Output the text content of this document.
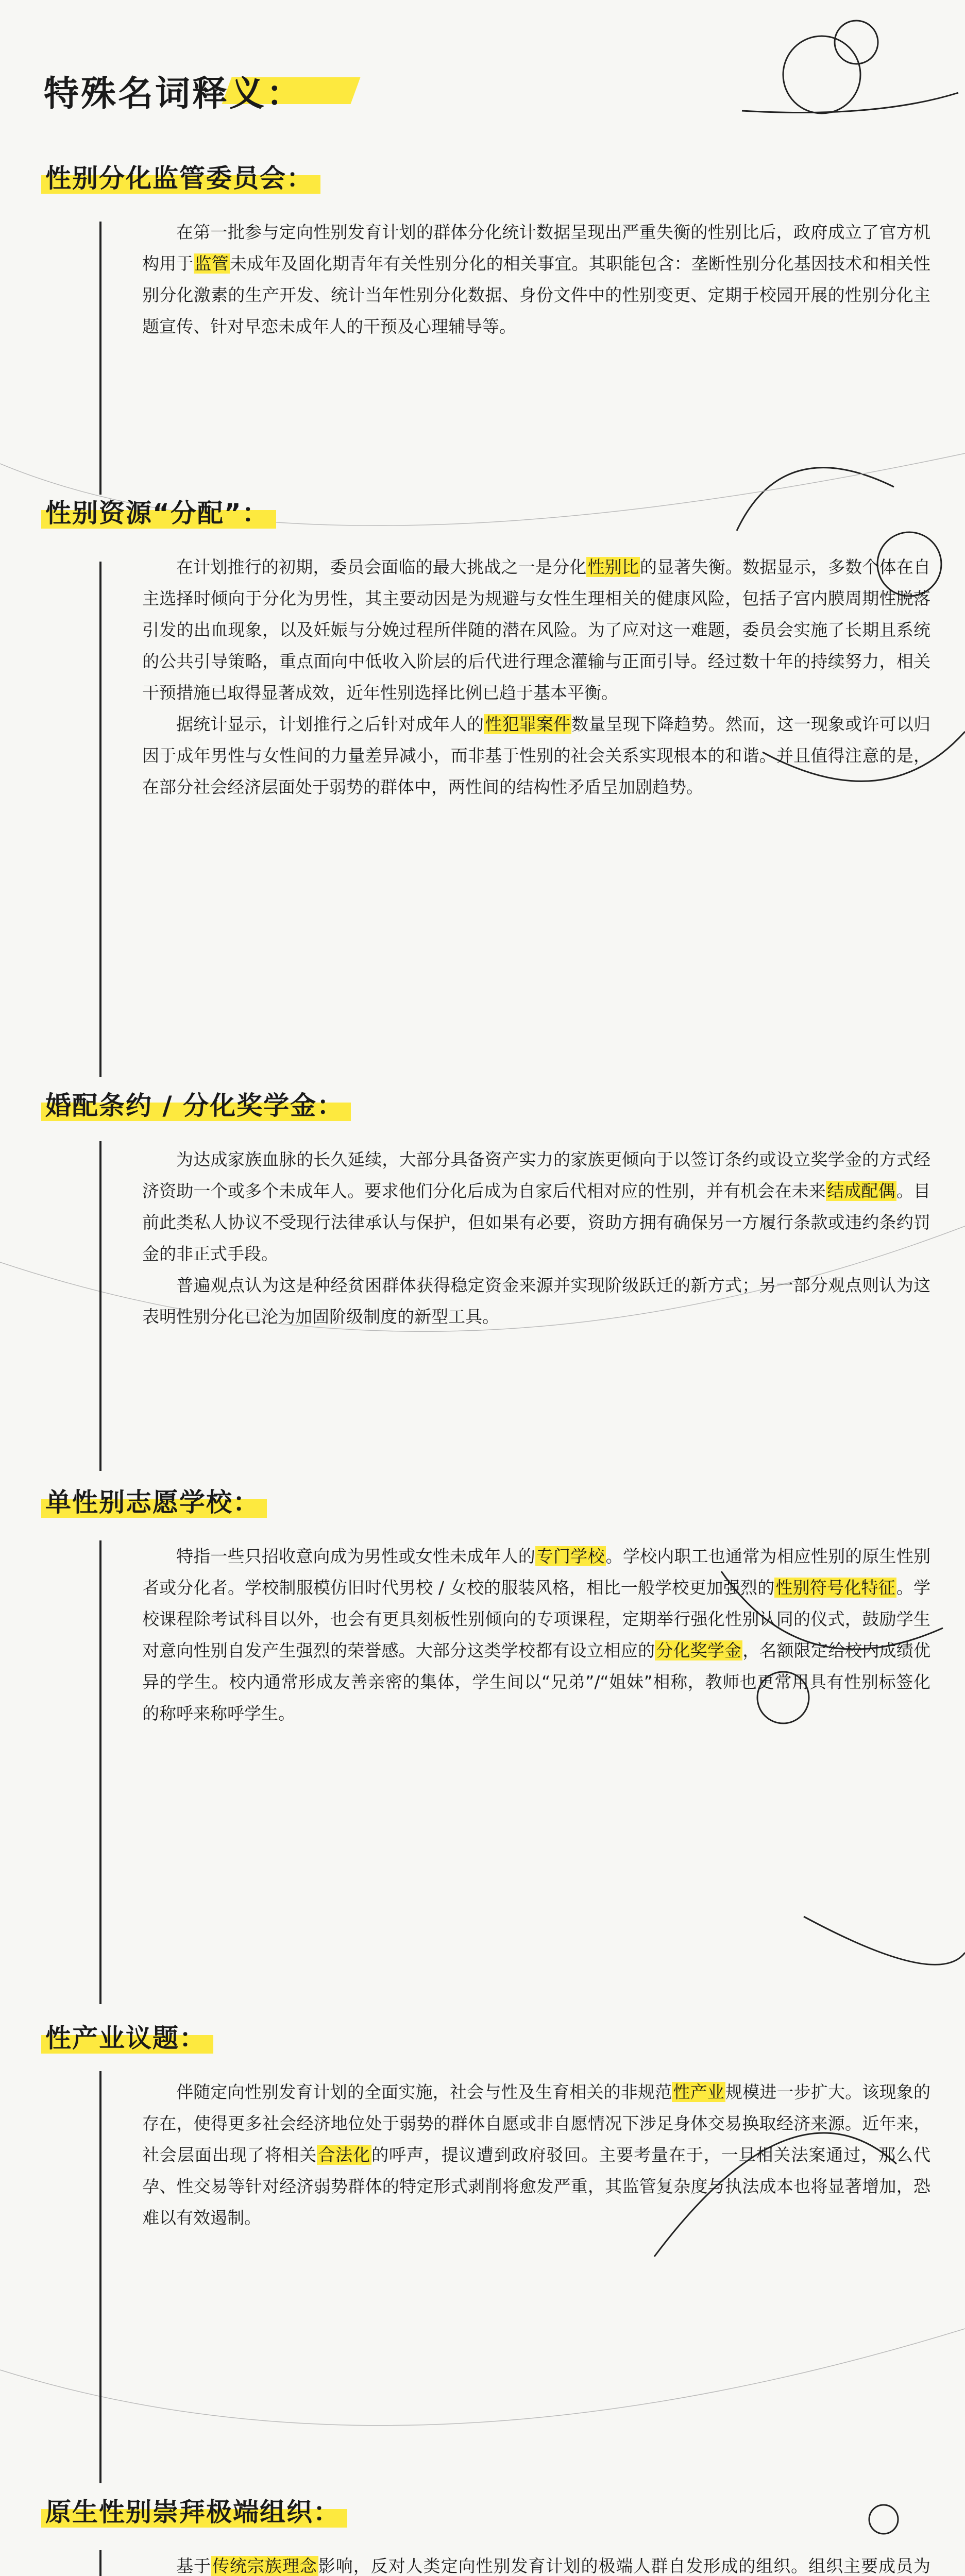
特殊名词释义：
性别分化监管委员会：

在第一批参与定向性别发育计划的群体分化统计数据呈现出严重失衡的性别比后，政府成立了官方机构用于监管未成年及固化期青年有关性别分化的相关事宜。其职能包含：垄断性别分化基因技术和相关性别分化激素的生产开发、统计当年性别分化数据、身份文件中的性别变更、定期于校园开展的性别分化主题宣传、针对早恋未成年人的干预及心理辅导等。

性别资源“分配”：

在计划推行的初期，委员会面临的最大挑战之一是分化性别比的显著失衡。数据显示，多数个体在自主选择时倾向于分化为男性，其主要动因是为规避与女性生理相关的健康风险，包括子宫内膜周期性脱落引发的出血现象，以及妊娠与分娩过程所伴随的潜在风险。为了应对这一难题，委员会实施了长期且系统的公共引导策略，重点面向中低收入阶层的后代进行理念灌输与正面引导。经过数十年的持续努力，相关干预措施已取得显著成效，近年性别选择比例已趋于基本平衡。

据统计显示，计划推行之后针对成年人的性犯罪案件数量呈现下降趋势。然而，这一现象或许可以归因于成年男性与女性间的力量差异减小，而非基于性别的社会关系实现根本的和谐。并且值得注意的是，在部分社会经济层面处于弱势的群体中，两性间的结构性矛盾呈加剧趋势。

婚配条约 / 分化奖学金：

为达成家族血脉的长久延续，大部分具备资产实力的家族更倾向于以签订条约或设立奖学金的方式经济资助一个或多个未成年人。要求他们分化后成为自家后代相对应的性别，并有机会在未来结成配偶。目前此类私人协议不受现行法律承认与保护，但如果有必要，资助方拥有确保另一方履行条款或违约条约罚金的非正式手段。

普遍观点认为这是种经贫困群体获得稳定资金来源并实现阶级跃迁的新方式；另一部分观点则认为这表明性别分化已沦为加固阶级制度的新型工具。

单性别志愿学校：

特指一些只招收意向成为男性或女性未成年人的专门学校。学校内职工也通常为相应性别的原生性别者或分化者。学校制服模仿旧时代男校 / 女校的服装风格，相比一般学校更加强烈的性别符号化特征。学校课程除考试科目以外，也会有更具刻板性别倾向的专项课程，定期举行强化性别认同的仪式，鼓励学生对意向性别自发产生强烈的荣誉感。大部分这类学校都有设立相应的分化奖学金，名额限定给校内成绩优异的学生。校内通常形成友善亲密的集体，学生间以“兄弟”/“姐妹”相称，教师也更常用具有性别标签化的称呼来称呼学生。

性产业议题：

伴随定向性别发育计划的全面实施，社会与性及生育相关的非规范性产业规模进一步扩大。该现象的存在，使得更多社会经济地位处于弱势的群体自愿或非自愿情况下涉足身体交易换取经济来源。近年来，社会层面出现了将相关合法化的呼声，提议遭到政府驳回。主要考量在于，一旦相关法案通过，那么代孕、性交易等针对经济弱势群体的特定形式剥削将愈发严重，其监管复杂度与执法成本也将显著增加，恐难以有效遏制。

原生性别崇拜极端组织：

基于传统宗族理念影响，反对人类定向性别发育计划的极端人群自发形成的组织。组织主要成员为
